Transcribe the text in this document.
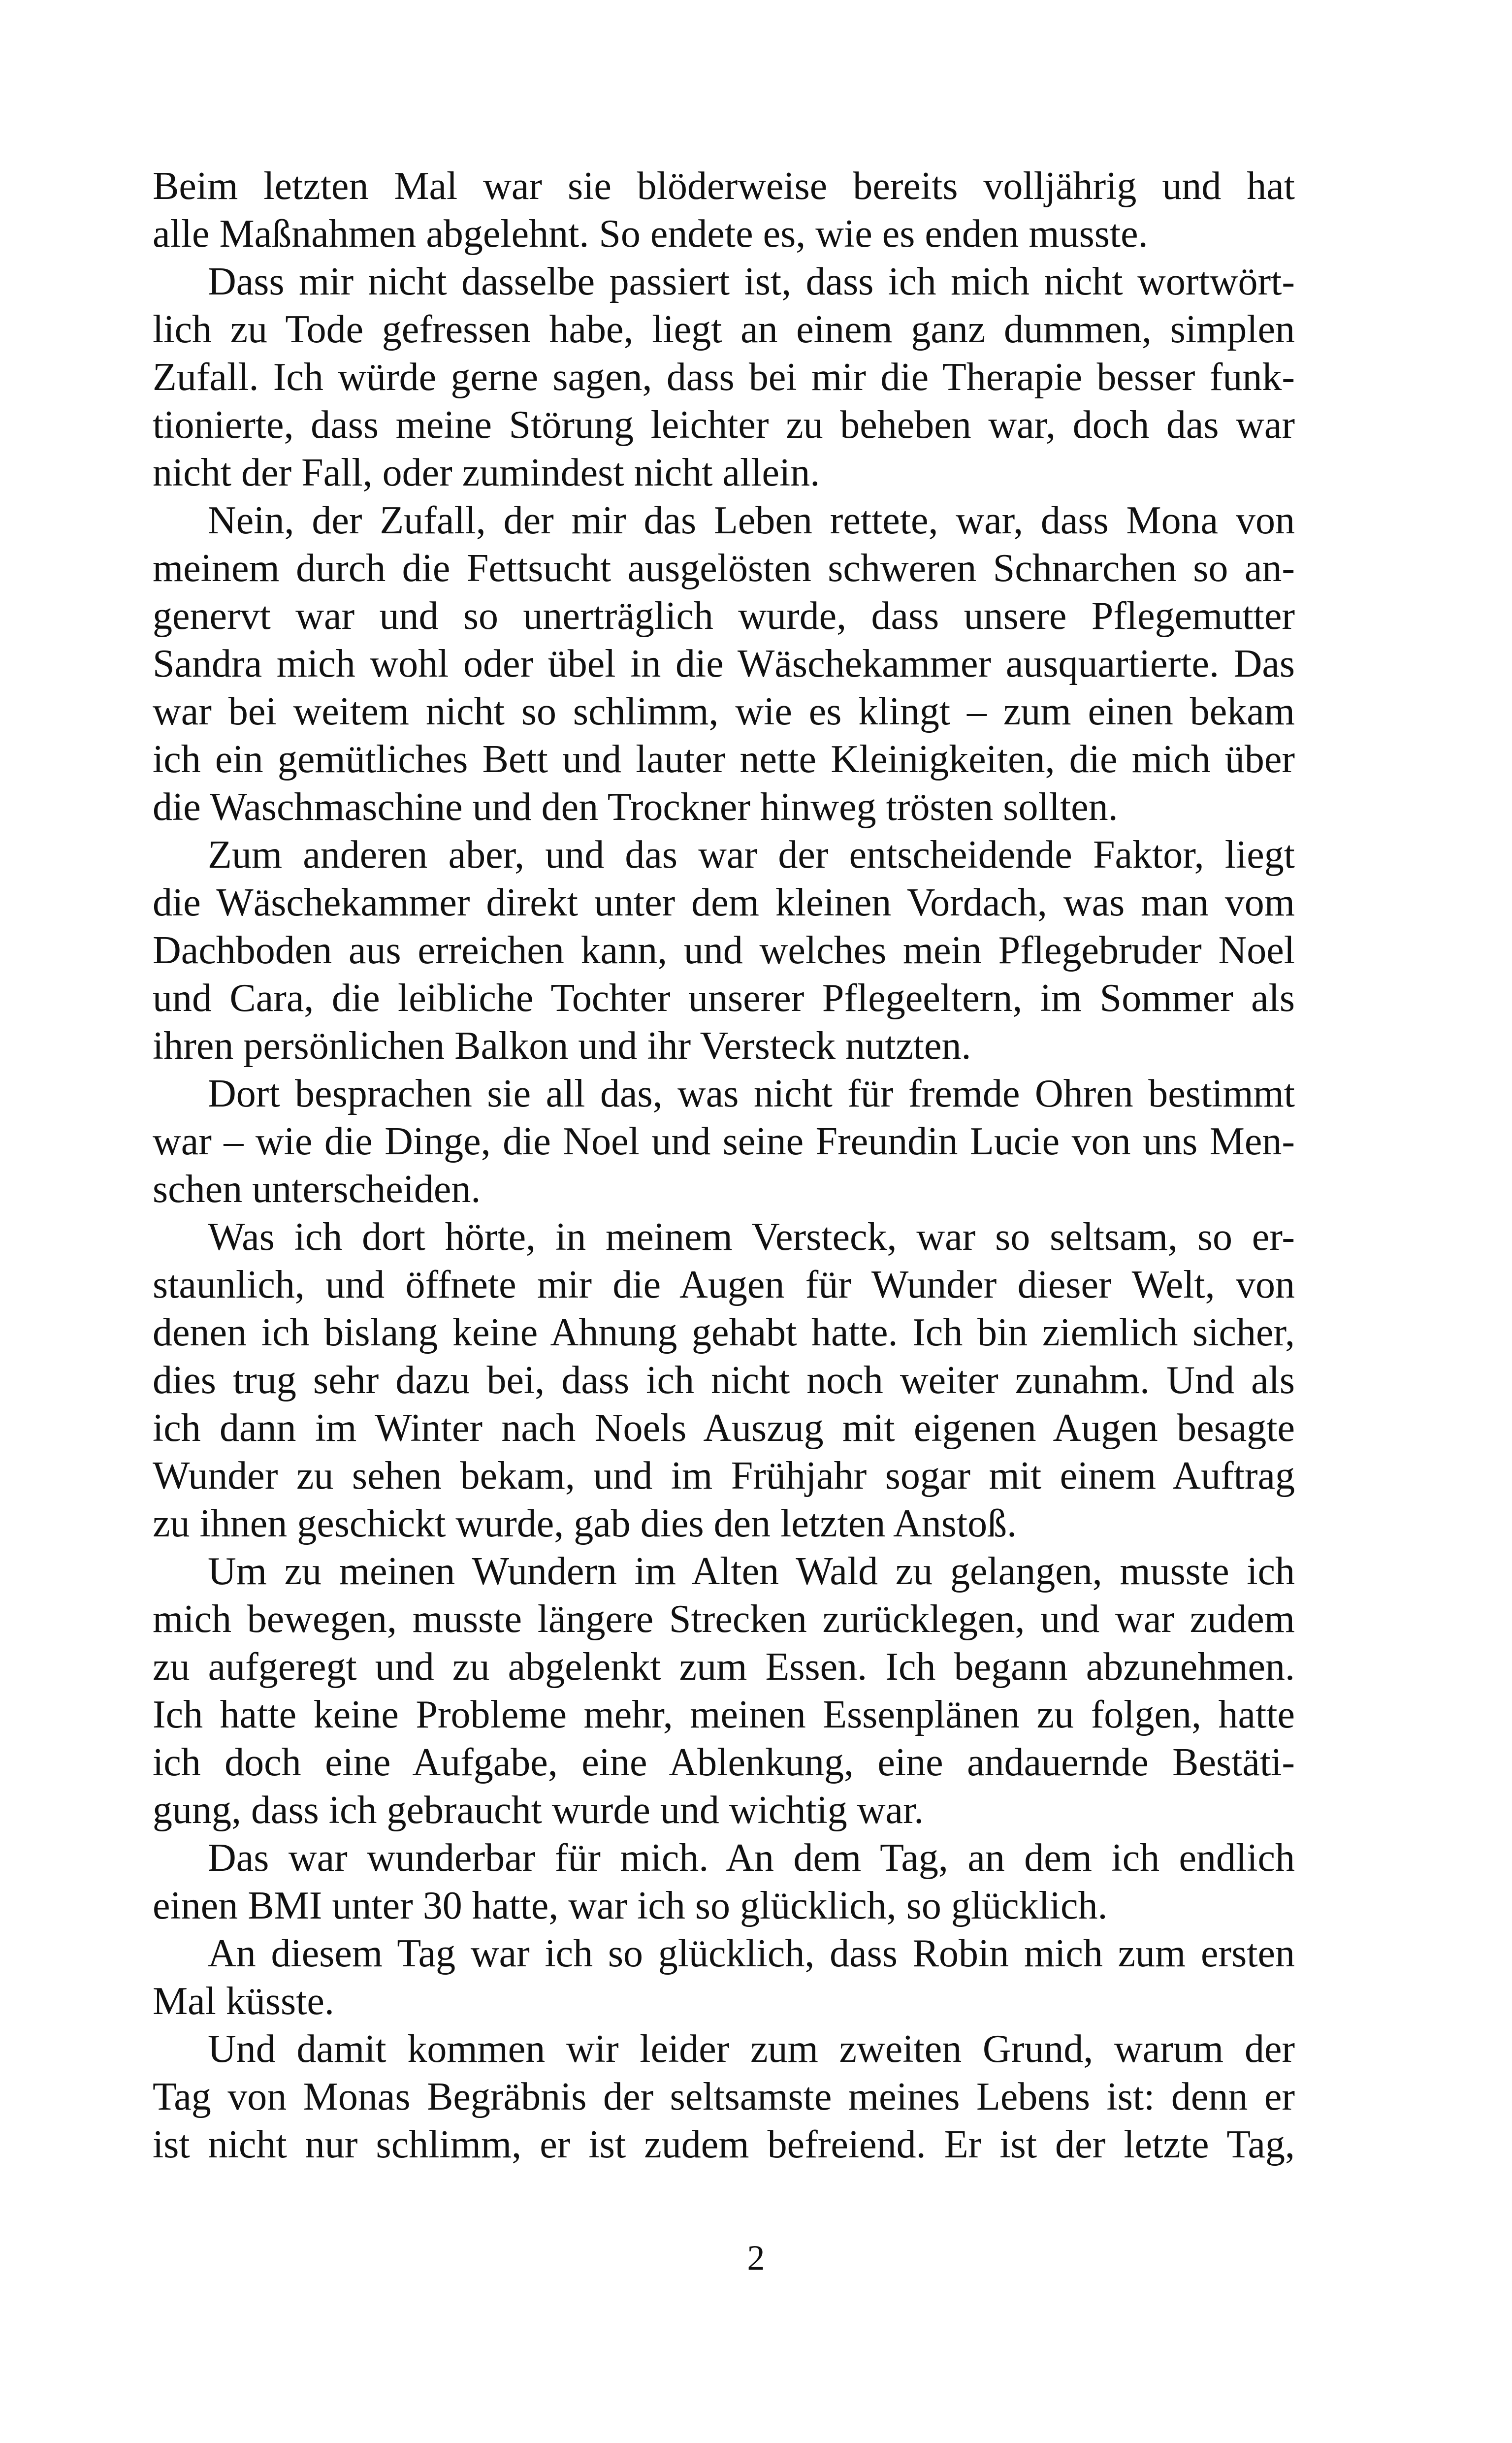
Beim letzten Mal war sie blöderweise bereits volljährig und hat
alle Maßnahmen abgelehnt. So endete es, wie es enden musste.
Dass mir nicht dasselbe passiert ist, dass ich mich nicht wortwört-
lich zu Tode gefressen habe, liegt an einem ganz dummen, simplen
Zufall. Ich würde gerne sagen, dass bei mir die Therapie besser funk-
tionierte, dass meine Störung leichter zu beheben war, doch das war
nicht der Fall, oder zumindest nicht allein.
Nein, der Zufall, der mir das Leben rettete, war, dass Mona von
meinem durch die Fettsucht ausgelösten schweren Schnarchen so an-
genervt war und so unerträglich wurde, dass unsere Pflegemutter
Sandra mich wohl oder übel in die Wäschekammer ausquartierte. Das
war bei weitem nicht so schlimm, wie es klingt – zum einen bekam
ich ein gemütliches Bett und lauter nette Kleinigkeiten, die mich über
die Waschmaschine und den Trockner hinweg trösten sollten.
Zum anderen aber, und das war der entscheidende Faktor, liegt
die Wäschekammer direkt unter dem kleinen Vordach, was man vom
Dachboden aus erreichen kann, und welches mein Pflegebruder Noel
und Cara, die leibliche Tochter unserer Pflegeeltern, im Sommer als
ihren persönlichen Balkon und ihr Versteck nutzten.
Dort besprachen sie all das, was nicht für fremde Ohren bestimmt
war – wie die Dinge, die Noel und seine Freundin Lucie von uns Men-
schen unterscheiden.
Was ich dort hörte, in meinem Versteck, war so seltsam, so er-
staunlich, und öffnete mir die Augen für Wunder dieser Welt, von
denen ich bislang keine Ahnung gehabt hatte. Ich bin ziemlich sicher,
dies trug sehr dazu bei, dass ich nicht noch weiter zunahm. Und als
ich dann im Winter nach Noels Auszug mit eigenen Augen besagte
Wunder zu sehen bekam, und im Frühjahr sogar mit einem Auftrag
zu ihnen geschickt wurde, gab dies den letzten Anstoß.
Um zu meinen Wundern im Alten Wald zu gelangen, musste ich
mich bewegen, musste längere Strecken zurücklegen, und war zudem
zu aufgeregt und zu abgelenkt zum Essen. Ich begann abzunehmen.
Ich hatte keine Probleme mehr, meinen Essenplänen zu folgen, hatte
ich doch eine Aufgabe, eine Ablenkung, eine andauernde Bestäti-
gung, dass ich gebraucht wurde und wichtig war.
Das war wunderbar für mich. An dem Tag, an dem ich endlich
einen BMI unter 30 hatte, war ich so glücklich, so glücklich.
An diesem Tag war ich so glücklich, dass Robin mich zum ersten
Mal küsste.
Und damit kommen wir leider zum zweiten Grund, warum der
Tag von Monas Begräbnis der seltsamste meines Lebens ist: denn er
ist nicht nur schlimm, er ist zudem befreiend. Er ist der letzte Tag,
2
